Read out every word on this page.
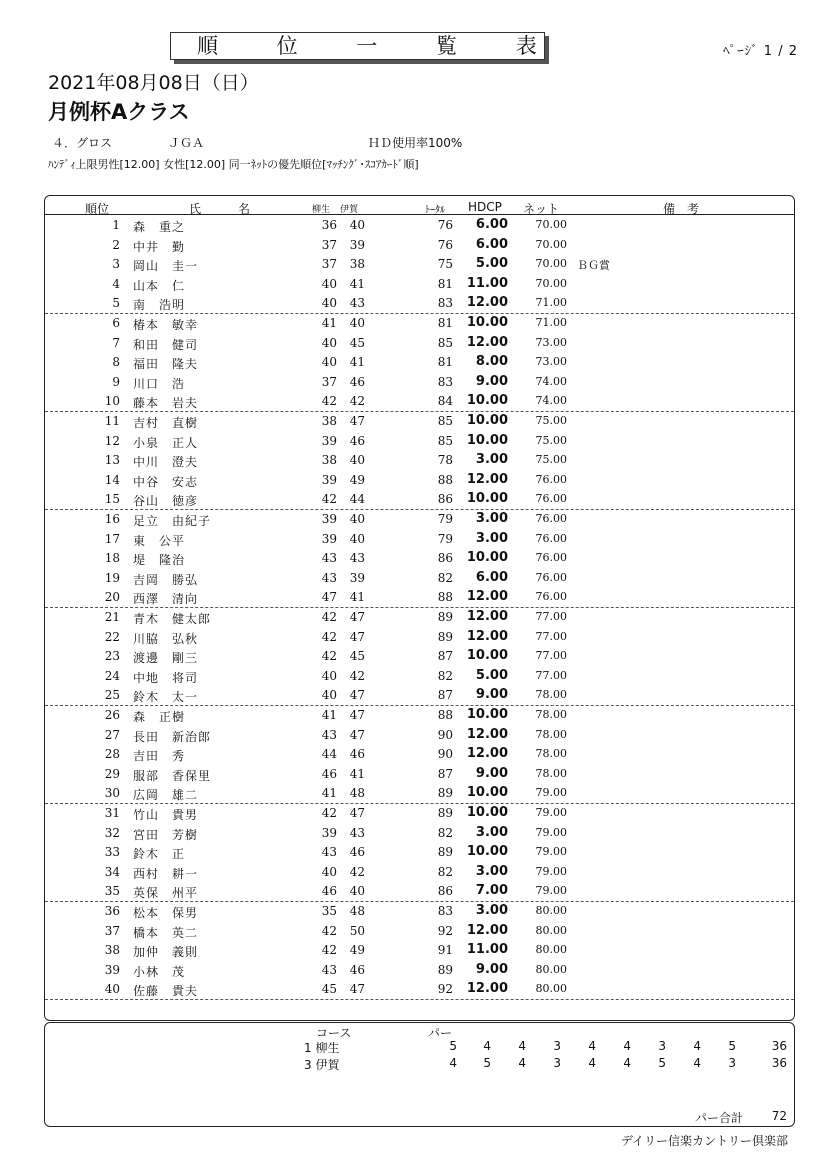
順 位 一 覧 表	ﾍﾟｰｼﾞ 1 / 2
2021年08月08日（日）
月例杯Aクラス
４．グロス	ＪＧＡ	ＨＤ使用率100%
ﾊﾝﾃﾞｨ上限男性[12.00] 女性[12.00] 同一ﾈｯﾄの優先順位[ﾏｯﾁﾝｸﾞ･ｽｺｱｶｰﾄﾞ順]
1 森　重之	36	40	76	6.00	70.00
2 中井　勤	37	39	76	6.00	70.00
3 岡山　圭一	37	38	75	5.00	70.00 ＢＧ賞
4 山本　仁	40	41	81 11.00	70.00
5 南　浩明	40	43	83 12.00	71.00
6 椿本　敏幸	41	40	81 10.00	71.00
7 和田　健司	40	45	85 12.00	73.00
8 福田　隆夫	40	41	81	8.00	73.00
9 川口　浩	37	46	83	9.00	74.00
10 藤本　岩夫	42	42	84 10.00	74.00
11 吉村　直樹	38	47	85 10.00	75.00
12 小泉　正人	39	46	85 10.00	75.00
13 中川　澄夫	38	40	78	3.00	75.00
14 中谷　安志	39	49	88 12.00	76.00
15 谷山　徳彦	42	44	86 10.00	76.00
16 足立　由紀子	39	40	79	3.00	76.00
17 東　公平	39	40	79	3.00	76.00
18 堤　隆治	43	43	86 10.00	76.00
19 吉岡　勝弘	43	39	82	6.00	76.00
20 西澤　清向	47	41	88 12.00	76.00
21 青木　健太郎	42	47	89 12.00	77.00
22 川脇　弘秋	42	47	89 12.00	77.00
23 渡邊　剛三	42	45	87 10.00	77.00
24 中地　将司	40	42	82	5.00	77.00
25 鈴木　太一	40	47	87	9.00	78.00
26 森　正樹	41	47	88 10.00	78.00
27 長田　新治郎	43	47	90 12.00	78.00
28 吉田　秀	44	46	90 12.00	78.00
29 服部　香保里	46	41	87	9.00	78.00
30 広岡　雄二	41	48	89 10.00	79.00
31 竹山　貴男	42	47	89 10.00	79.00
32 宮田　芳樹	39	43	82	3.00	79.00
33 鈴木　正	43	46	89 10.00	79.00
34 西村　耕一	40	42	82	3.00	79.00
35 英保　州平	46	40	86	7.00	79.00
36 松本　保男	35	48	83	3.00	80.00
37 橋本　英二	42	50	92 12.00	80.00
38 加仲　義則	42	49	91 11.00	80.00
39 小林　茂	43	46	89	9.00	80.00
40 佐藤　貴夫	45	47	92 12.00	80.00
順位	氏	名	柳生 伊賀	ﾄｰﾀﾙ HDCP ネット	備　考
コース	パー
1 柳生	5	4	4	3	4	4	3	4	5	36
3 伊賀	4	5	4	3	4	4	5	4	3	36
パー合計	72
デイリー信楽カントリー倶楽部
